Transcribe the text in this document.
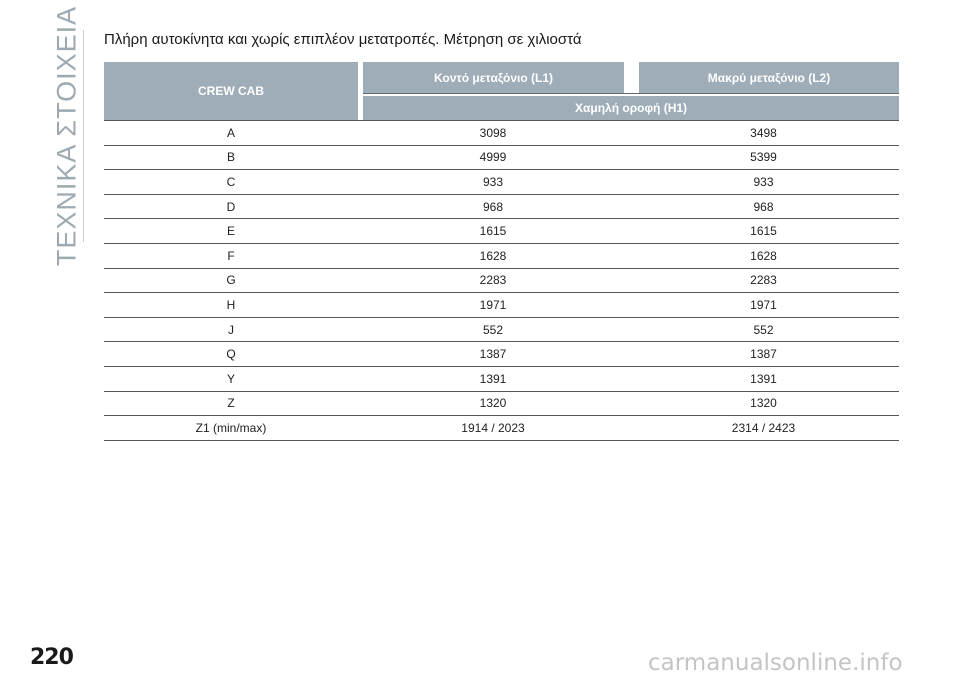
ΤΕΧΝΙΚΑ ΣΤΟΙΧΕΙΑ Πλήρη αυτοκίνητα και χωρίς επιπλέον μετατροπές. Μέτρηση σε χιλιοστά
CREW CAB
Κοντό μεταξόνιο (L1)	Μακρύ μεταξόνιο (L2)
Χαμηλή οροφή (H1)
A	3098	3498
B	4999	5399
C	933	933
D	968	968
E	1615	1615
F	1628	1628
G	2283	2283
H	1971	1971
J	552	552
Q	1387	1387
Y	1391	1391
Z	1320	1320
Z1 (min/max)	1914 / 2023	2314 / 2423
220	carmanualsonline.info
